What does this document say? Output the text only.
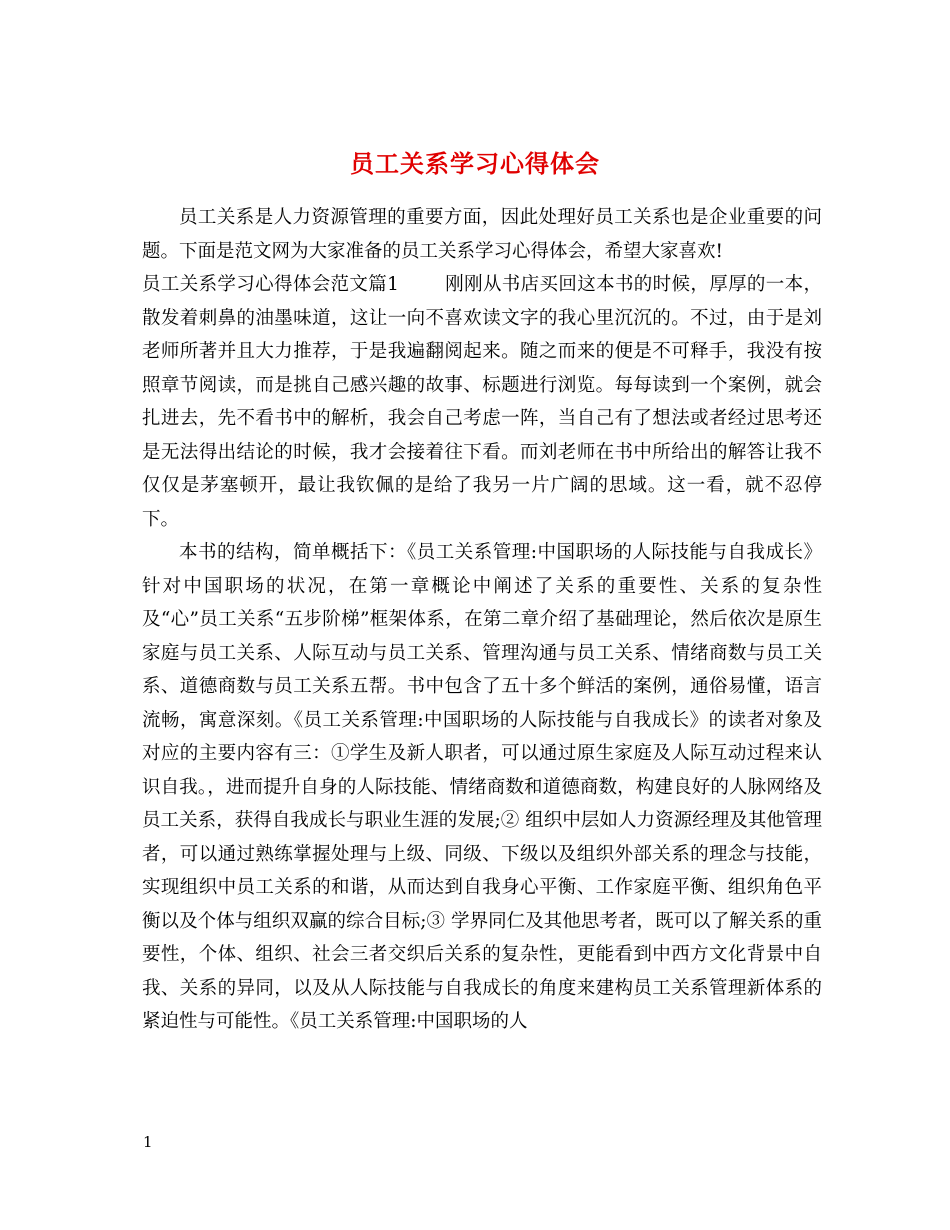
员工关系学习心得体会

员工关系是人力资源管理的重要方面，因此处理好员工关系也是企业重要的问题。下面是范文网为大家准备的员工关系学习心得体会，希望大家喜欢!

员工关系学习心得体会范文篇1 刚刚从书店买回这本书的时候，厚厚的一本，散发着刺鼻的油墨味道，这让一向不喜欢读文字的我心里沉沉的。不过，由于是刘老师所著并且大力推荐，于是我遍翻阅起来。随之而来的便是不可释手，我没有按照章节阅读，而是挑自己感兴趣的故事、标题进行浏览。每每读到一个案例，就会扎进去，先不看书中的解析，我会自己考虑一阵，当自己有了想法或者经过思考还是无法得出结论的时候，我才会接着往下看。而刘老师在书中所给出的解答让我不仅仅是茅塞顿开，最让我钦佩的是给了我另一片广阔的思域。这一看，就不忍停下。

本书的结构，简单概括下：《员工关系管理:中国职场的人际技能与自我成长》针对中国职场的状况，在第一章概论中阐述了关系的重要性、关系的复杂性及“心”员工关系“五步阶梯”框架体系，在第二章介绍了基础理论，然后依次是原生家庭与员工关系、人际互动与员工关系、管理沟通与员工关系、情绪商数与员工关系、道德商数与员工关系五帮。书中包含了五十多个鲜活的案例，通俗易懂，语言流畅，寓意深刻。《员工关系管理:中国职场的人际技能与自我成长》的读者对象及对应的主要内容有三：①学生及新人职者，可以通过原生家庭及人际互动过程来认识自我。，进而提升自身的人际技能、情绪商数和道德商数，构建良好的人脉网络及员工关系，获得自我成长与职业生涯的发展;② 组织中层如人力资源经理及其他管理者，可以通过熟练掌握处理与上级、同级、下级以及组织外部关系的理念与技能，实现组织中员工关系的和谐，从而达到自我身心平衡、工作家庭平衡、组织角色平衡以及个体与组织双赢的综合目标;③ 学界同仁及其他思考者，既可以了解关系的重要性，个体、组织、社会三者交织后关系的复杂性，更能看到中西方文化背景中自我、关系的异同，以及从人际技能与自我成长的角度来建构员工关系管理新体系的紧迫性与可能性。《员工关系管理:中国职场的人

1
